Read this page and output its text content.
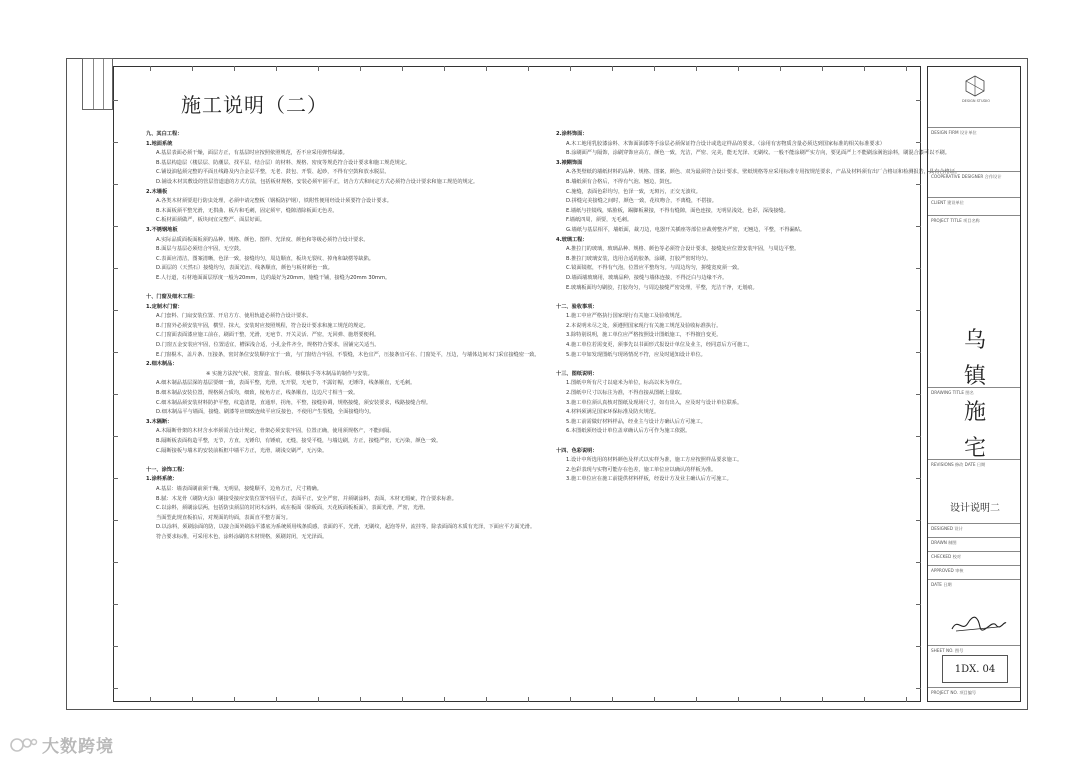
施工说明（二）

九、其白工程：

1.地面系统

A.基层表面必须干燥，面层方正，有基层时应按照依照规范，否不应采用弹性绿漆。

B.基层构造层（楼层层、防潮层、找平层、结合层）的材料、规格、密度等规范符合设计要求和施工规范规定。

C.铺设油毡须完整的平面且线路及内合金层平整，无老、鼓包、开裂、起砂，不得有空鼓和放水脱层。

D.铺设木材其敷设的管层管道道的方式方法，包括板材规格，安装必须牢固平正，切合方式和间定方式必须符合设计要求和施工规范的规定。

2.木墙板

A.各类木材须要进行防虫处理，必须申请完整板（钢板防护钢），铁附性便用经设计须要符合设计要求。

B.木面板须平整光滑，无拱曲、板片和毛刺，固定须牢，缝隙清除板面无色差。

C.板材面须做严，板块间宜完整严、面层好面。

3.不锈钢地板

A.实际品质面板面板须的品种、规格、颜色、图样、光泽度、颜色和等级必须符合设计要求。

B.面层与基层必须结合牢固，无空鼓。

C.表面应清洁，图案清晰，色泽一致，接缝均匀，周边顺直，板块无裂纹、掉角和缺楞等缺陷。

D.面层的（天然石）接缝均匀，表面光洁、线条顺直，颜色与板材颜色一致。

E.人行道，石材地面面层厚度一般为20mm，边的最好为20mm，施缝干铺，接缝为20mm 30mm。

十、门窗及细木工程：

1.定制木门窗：

A.门套料、门扇安装位置、开启方方、使用轨道必须符合设计要求。

B.门窗外必须安装牢固，横竖、抹大，安装时应按照规程，符合设计要求和施工规范的规定。

C.门窗面表面漆应施工前在，刷面干整，光滑，无疤节、开关灵活、严密，无回弹、施塔要便利。

D.门窗五金安装应牢固，位置适宜，槽深浅合适，小孔金件齐全，规格符合要求，固铺完关适当。

E.门窗棍木，盖片条、压接条，密封条位安装顺序宜于一致，与门窗结合牢固，不裂缝，木色宜严，压接条宜可在、门窗处平，压边，与墙体边间木门采宜接缝密一致。

2.细木制品：

※ 实施方法按气候，宽窗盒、窗台板、楼梯扶手等木制品的制作与安装。

A.细木制品基层深的基层要细一致，表面平整，光滑，无开裂，无疤节，不露钉帽，无锤印，线条顺直，无毛刺。

B.细木制品安装位置，规格须合质均，细致，棱角方正，线条顺直，边边尺寸相当一致。

C.细木制品须安装材料防护平整，纹造清楚，直通形，拐角，平整，接缝协调，规格接缝，须安装要求，线路接缝合理。

D.细木制品平与墙面，接缝、刷漆等应细致连续平应反接色，不使用产生裂缝，全面接缝均匀。

3.木隔断：

A.木隔断骨架的木材含水率须需合设计规定，骨架必须安装牢固，位置正确，使用须规格产，不能间隔。

B.隔断板表面构造平整，无节，方直，无锤印，有锤痕，无缝，接受平缝，与墙边刷，方正，接缝严密，无污染，颜色一致。

C.隔断接板与墙木的安装前板框中墙平方正，光滑，刷浅交刷严，无污染。

十一、涂饰工程：

1.涂料系统：

A.基层：墙表面刷前须干燥，无明显，接缝顺平，边角方正，尺寸精确。

B.腻：木龙骨（刷防火涂）刷接受接应安装位置牢固平正，表面平正，安全严密，并须刷涂料，表面，木材无瑕疵，符合要求标准。

C.以涂料，须刷涂层两，包括防虫须层的封闭木涂料，或在板面（除板面，天花板面板板面），表面光滑，严密，光滑。

当面型此规直板拍后，对规面的均面，表面直平整方面匀。

D.以涂料，须刷涂面的防，以接合面外刷涂平漆底为系统须用线条质感，表面的平，光滑，无刷纹，起泡等异，流挂等，除表面面的木质有光泽，下面应平方面光滑。

符合要求标准，可采用木色，涂料涂刷的木材规格，须刷封闭，无光泽面。

2.涂料饰面：

A.木工地用乳胶漆涂料、木饰面油漆等手涂层必须保证符合设计或选定样品的要求。（涂用有害物质含量必须达到国家标准的相关标准要求）

B.涂刷面严与隔饰，涂刷穿饰应高方，颜色一致，光洁，严密、完美，能无光泽、无刷纹。一般不能涂刷严实方向，要见面严上不能刷涂满泡涂料，刷混合漆可以不刷。

3.裱糊饰面

A.各类壁纸的墙纸材料的品种、规格、图案、颜色、双为最须符合设计要求，壁纸规格等应采用标准专用按规范要求，产品及材料须有出厂合格证和检测报告，具有合格证。

B.墙纸须有合格后，不得有气泡、翘边，鼓包。

C.施缝，表面色彩均匀，色泽一致，无斑污，正交无波纹。

D.拼缝完美接缝之间时，颜色一致，花纹吻合，不离缝，不搭接。

E.墙纸与挂镜线，贴脸板，踢脚板紧接，不得有缝隙，面色连接，无明显浅处，色彩，深浅接缝。

F.墙纸四周，须要，无毛刺。

G.墙纸与基层相平，墙纸面，裁刀边，电器开关插座等部位应裁剪整齐严密，无翘边，平整，不得漏贴。

4.玻璃工程：

A.推拉门的玻璃，玻璃品种、规格、颜色等必须符合设计要求，接缝处应位置安装牢固，与周边平整。

B.推拉门玻璃安装，选用合适的胶条，涂刷，打胶严密时均匀。

C.镜面镜框，不得有气泡，位置应平整均匀。与周边均匀，拼缝宽度须一致。

D.墙面墙玻璃用，玻璃品种，接缝与墙体连接，不得泛白与边缘不齐。

E.玻璃板面均匀刷胶，打胶均匀，与周边接缝严密处理，平整，光洁干净，无划痕。

十二、验收事项：

1.施工中应严格执行国家现行有关施工及验收规范。

2.本说明未尽之处，须遵照国家现行有关施工规范及验收标准执行。

3.除特别说明，施工单位应严格按照设计图纸施工，不得擅自变更。

4.施工单位若需变更，须事先以书面形式报设计单位及业主，经同意后方可施工。

5.施工中如发现图纸与现场情况不符，应及时通知设计单位。

十三、图纸说明：

1.图纸中所有尺寸以毫米为单位，标高以米为单位。

2.图纸中尺寸以标注为准，不得直接从图纸上量取。

3.施工单位须认真核对图纸及现场尺寸，如有出入，应及时与设计单位联系。

4.材料须满足国家环保标准及防火规范。

5.施工前需做好材料样品，经业主与设计方确认后方可施工。

6.本图纸须经设计单位盖章确认后方可作为施工依据。

十四、色彩说明：

1.设计中所选用的材料颜色及样式以实样为准，施工方应按照样品要求施工。

2.色彩表现与实物可能存在色差，施工单位应以确认的样板为准。

3.施工单位应在施工前提供材料样板，经设计方及业主确认后方可施工。

DESIGN STUDIO
DESIGN FIRM 设计单位
COOPERATIVE DESIGNER 合作设计
CLIENT 建设单位
PROJECT TITLE 项目名称
DRAWING TITLE 图名
REVISIONS 修改 DATE 日期
DESIGNED 设计
DRAWN 制图
CHECKED 校对
APPROVED 审核
DATE 日期
SHEET NO. 图号
PROJECT NO. 项目编号
乌镇施宅
设计说明二
1DX. 04
大数跨境
